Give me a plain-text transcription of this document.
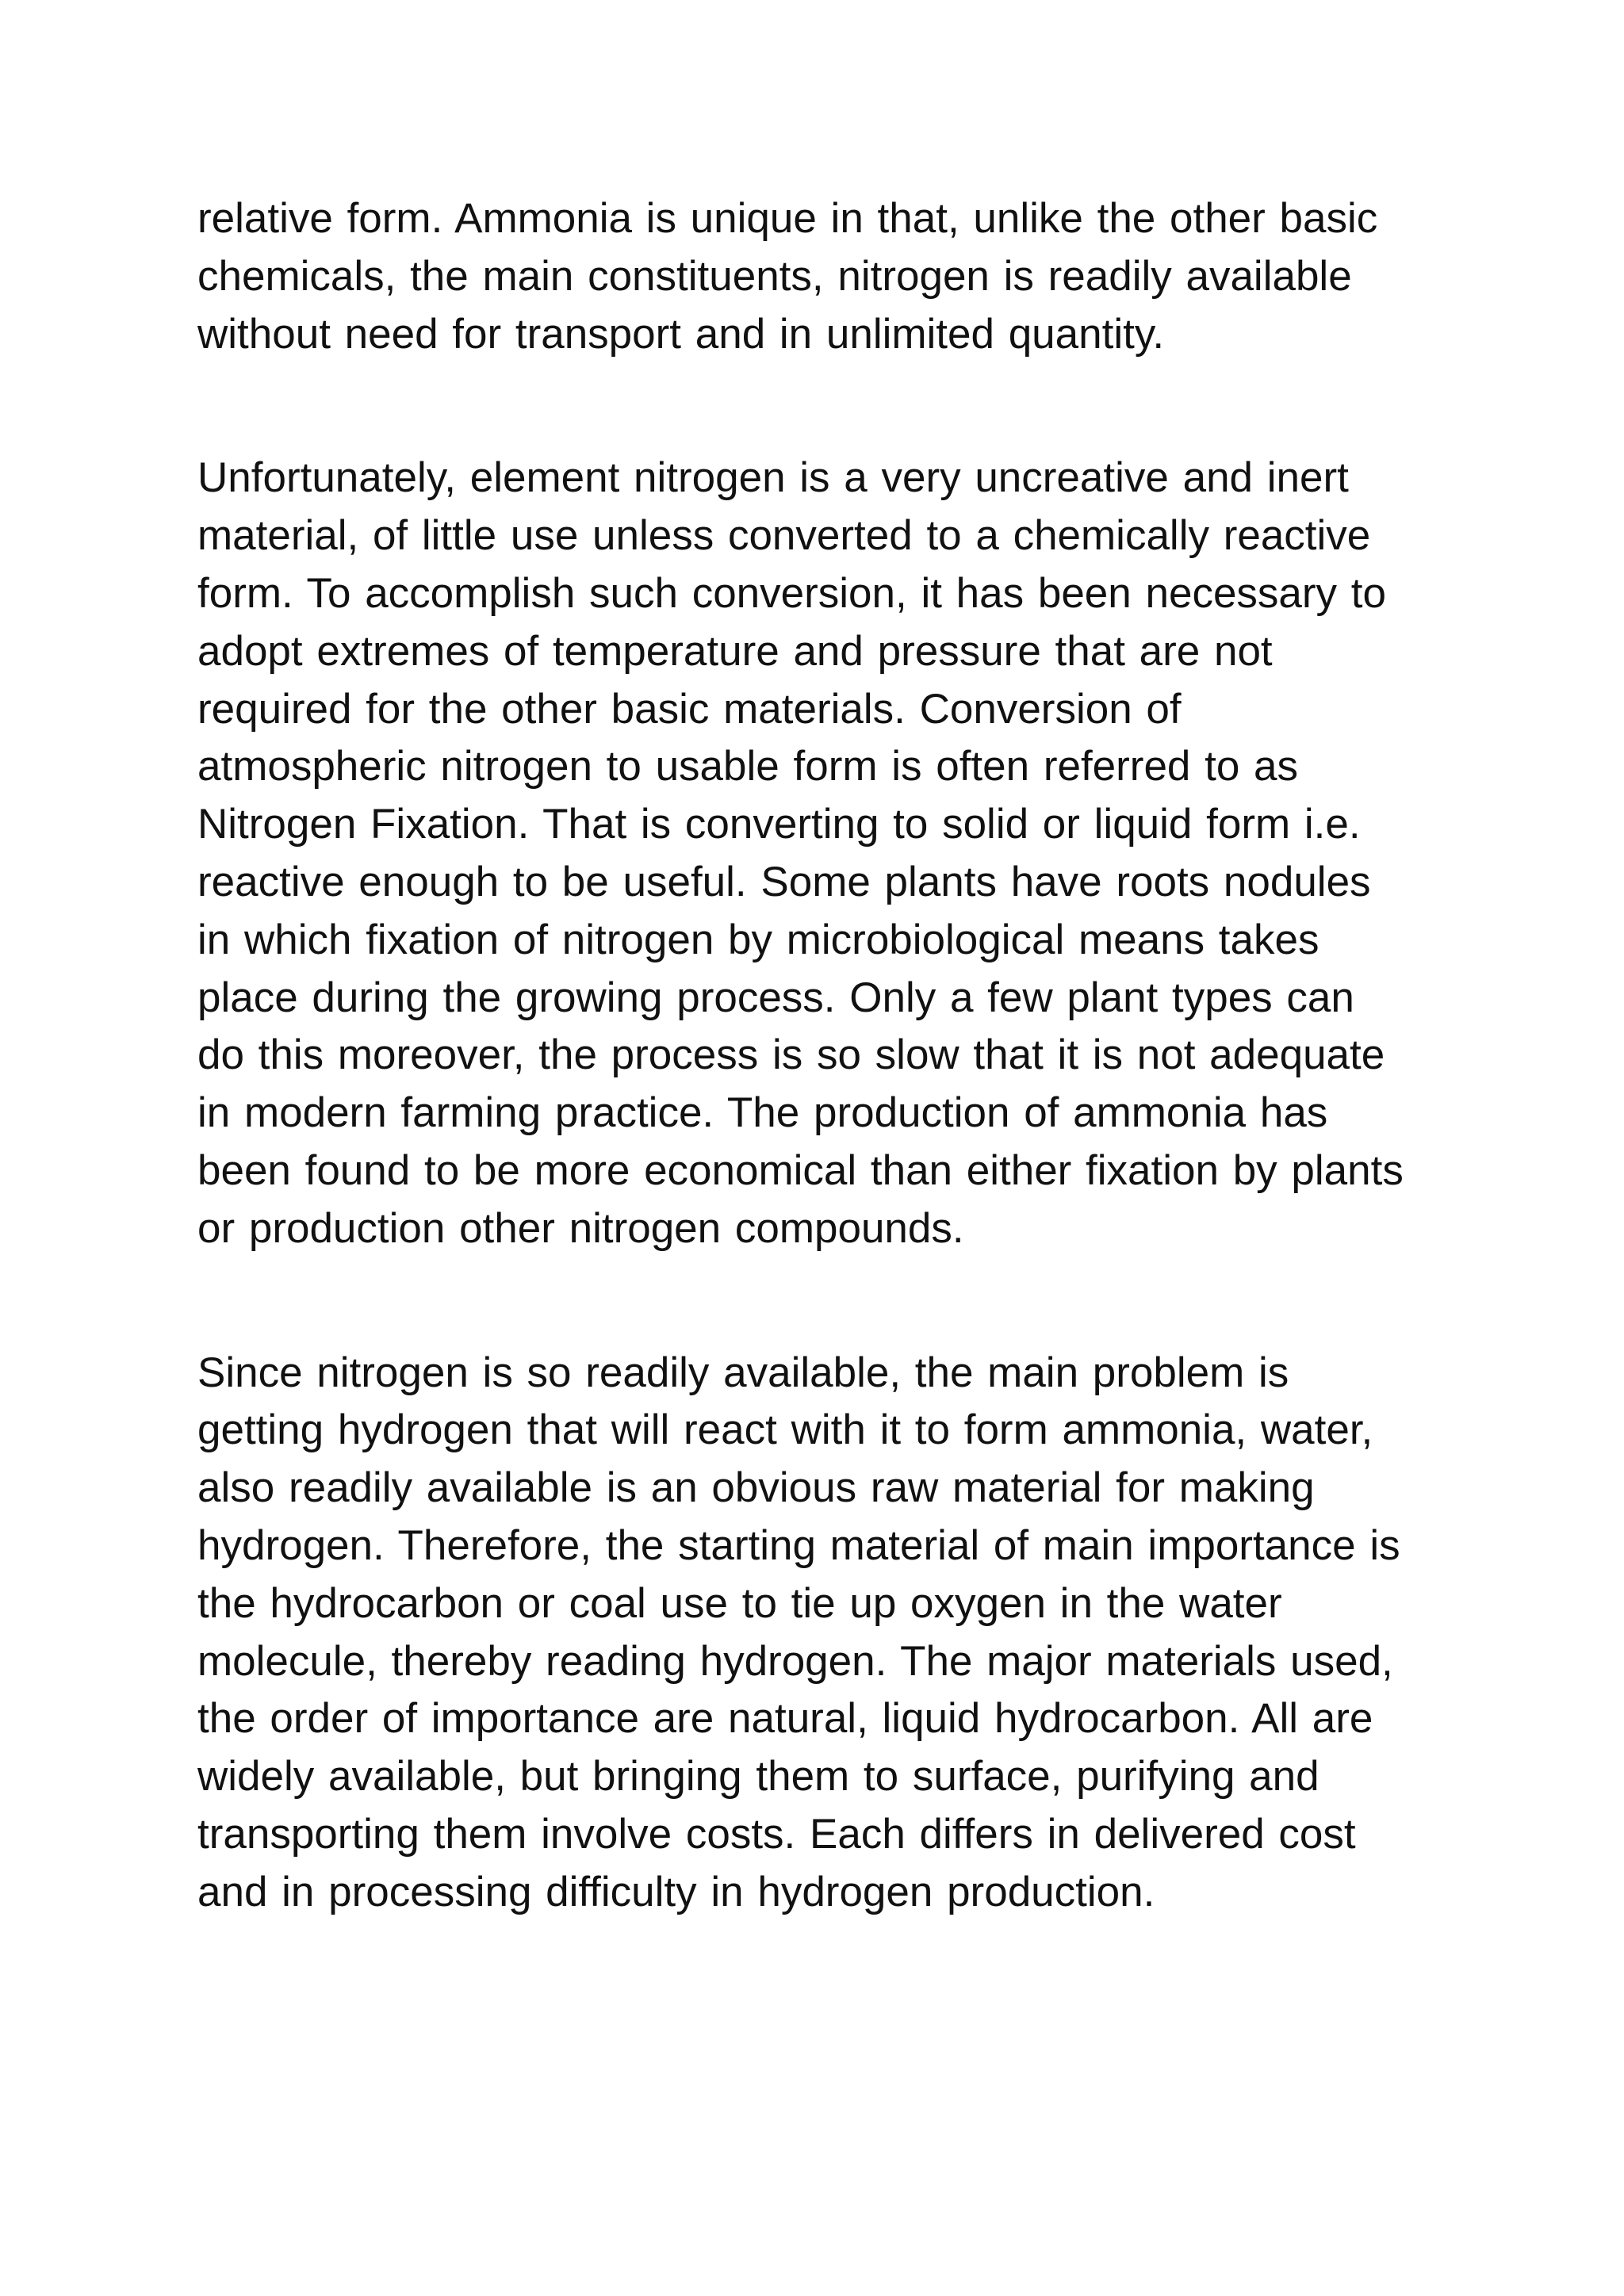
relative form. Ammonia is unique in that, unlike the other basic
chemicals, the main constituents, nitrogen is readily available
without need for transport and in unlimited quantity.
Unfortunately, element nitrogen is a very uncreative and inert
material, of little use unless converted to a chemically reactive
form. To accomplish such conversion, it has been necessary to
adopt extremes of temperature and pressure that are not
required for the other basic materials. Conversion of
atmospheric nitrogen to usable form is often referred to as
Nitrogen Fixation. That is converting to solid or liquid form i.e.
reactive enough to be useful. Some plants have roots nodules
in which fixation of nitrogen by microbiological means takes
place during the growing process. Only a few plant types can
do this moreover, the process is so slow that it is not adequate
in modern farming practice. The production of ammonia has
been found to be more economical than either fixation by plants
or production other nitrogen compounds.
Since nitrogen is so readily available, the main problem is
getting hydrogen that will react with it to form ammonia, water,
also readily available is an obvious raw material for making
hydrogen. Therefore, the starting material of main importance is
the hydrocarbon or coal use to tie up oxygen in the water
molecule, thereby reading hydrogen. The major materials used,
the order of importance are natural, liquid hydrocarbon. All are
widely available, but bringing them to surface, purifying and
transporting them involve costs. Each differs in delivered cost
and in processing difficulty in hydrogen production.
